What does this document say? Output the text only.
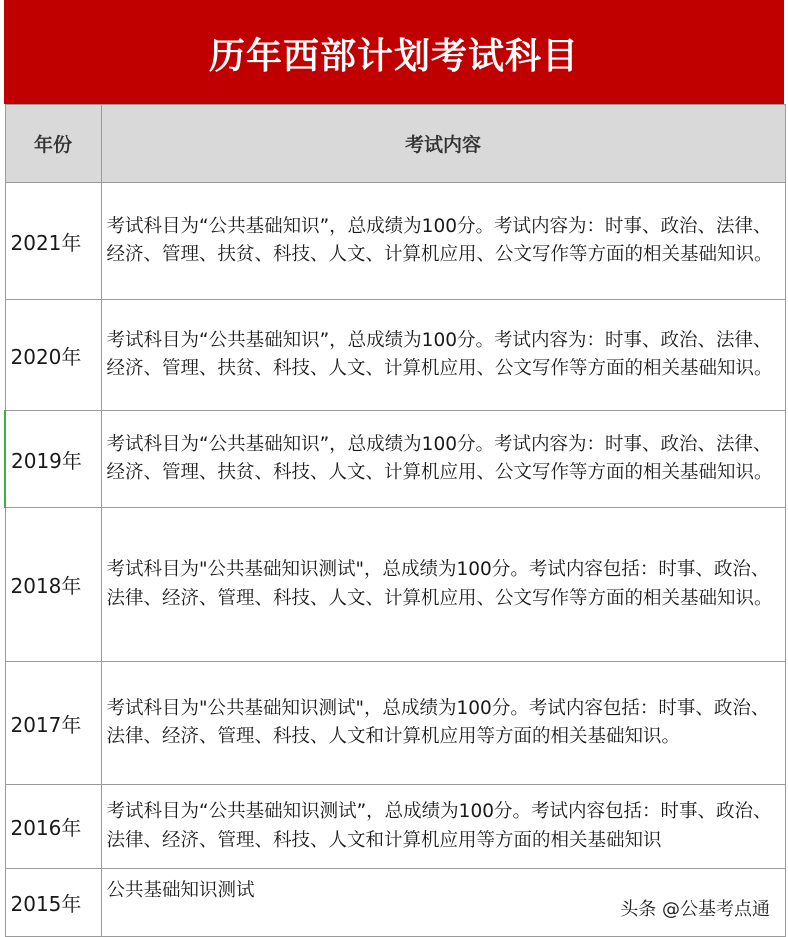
历年西部计划考试科目
年份	考试内容
2021年	考试科目为“公共基础知识”，总成绩为100分。考试内容为：时事、政治、法律、经济、管理、扶贫、科技、人文、计算机应用、公文写作等方面的相关基础知识。
2020年	考试科目为“公共基础知识”，总成绩为100分。考试内容为：时事、政治、法律、经济、管理、扶贫、科技、人文、计算机应用、公文写作等方面的相关基础知识。
2019年	考试科目为“公共基础知识”，总成绩为100分。考试内容为：时事、政治、法律、经济、管理、扶贫、科技、人文、计算机应用、公文写作等方面的相关基础知识。
2018年	考试科目为"公共基础知识测试"，总成绩为100分。考试内容包括：时事、政治、法律、经济、管理、科技、人文、计算机应用、公文写作等方面的相关基础知识。
2017年	考试科目为"公共基础知识测试"，总成绩为100分。考试内容包括：时事、政治、法律、经济、管理、科技、人文和计算机应用等方面的相关基础知识。
2016年	考试科目为“公共基础知识测试”，总成绩为100分。考试内容包括：时事、政治、法律、经济、管理、科技、人文和计算机应用等方面的相关基础知识
2015年	公共基础知识测试
头条 @公基考点通
